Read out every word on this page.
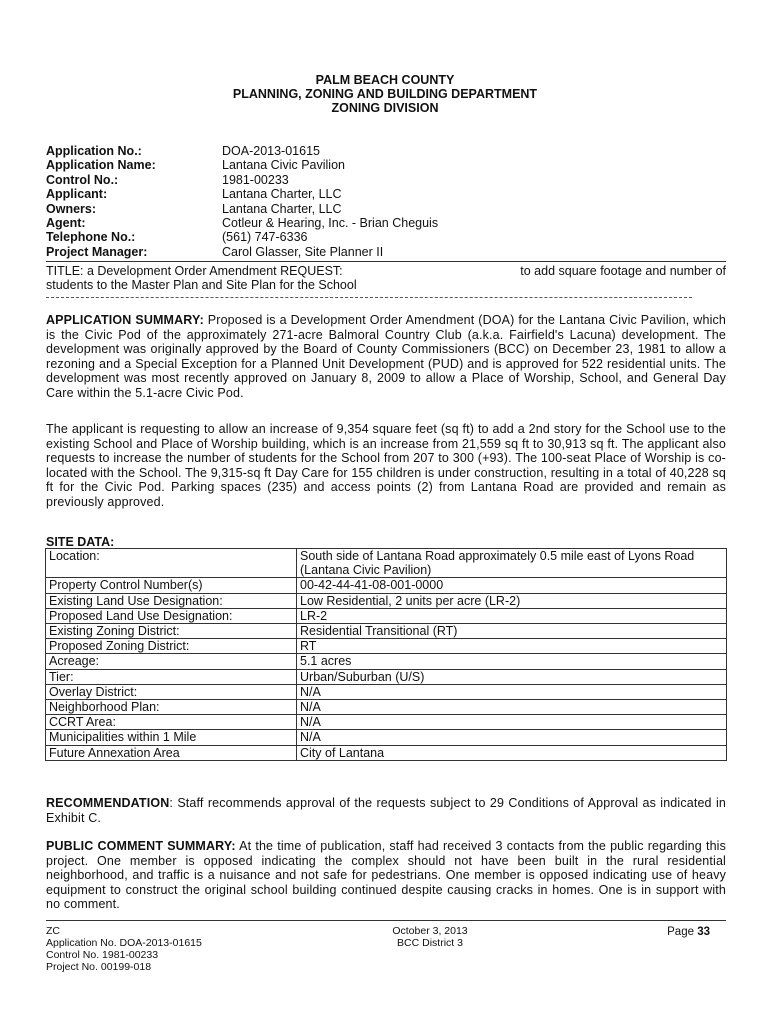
PALM BEACH COUNTY
PLANNING, ZONING AND BUILDING DEPARTMENT
ZONING DIVISION
Application No.:	DOA-2013-01615
Application Name:	Lantana Civic Pavilion
Control No.:	1981-00233
Applicant:	Lantana Charter, LLC
Owners:	Lantana Charter, LLC
Agent:	Cotleur & Hearing, Inc. - Brian Cheguis
Telephone No.:	(561) 747-6336
Project Manager:	Carol Glasser, Site Planner II
TITLE: a Development Order Amendment REQUEST:	to add square footage and number of
students to the Master Plan and Site Plan for the School
APPLICATION SUMMARY: Proposed is a Development Order Amendment (DOA) for the Lantana Civic Pavilion, which is the Civic Pod of the approximately 271-acre Balmoral Country Club (a.k.a. Fairfield's Lacuna) development. The development was originally approved by the Board of County Commissioners (BCC) on December 23, 1981 to allow a rezoning and a Special Exception for a Planned Unit Development (PUD) and is approved for 522 residential units. The development was most recently approved on January 8, 2009 to allow a Place of Worship, School, and General Day Care within the 5.1-acre Civic Pod.
The applicant is requesting to allow an increase of 9,354 square feet (sq ft) to add a 2nd story for the School use to the existing School and Place of Worship building, which is an increase from 21,559 sq ft to 30,913 sq ft. The applicant also requests to increase the number of students for the School from 207 to 300 (+93). The 100-seat Place of Worship is co-located with the School. The 9,315-sq ft Day Care for 155 children is under construction, resulting in a total of 40,228 sq ft for the Civic Pod. Parking spaces (235) and access points (2) from Lantana Road are provided and remain as previously approved.
SITE DATA:
Location:	South side of Lantana Road approximately 0.5 mile east of Lyons Road (Lantana Civic Pavilion)
Property Control Number(s)	00-42-44-41-08-001-0000
Existing Land Use Designation:	Low Residential, 2 units per acre (LR-2)
Proposed Land Use Designation:	LR-2
Existing Zoning District:	Residential Transitional (RT)
Proposed Zoning District:	RT
Acreage:	5.1 acres
Tier:	Urban/Suburban (U/S)
Overlay District:	N/A
Neighborhood Plan:	N/A
CCRT Area:	N/A
Municipalities within 1 Mile	N/A
Future Annexation Area	City of Lantana
RECOMMENDATION: Staff recommends approval of the requests subject to 29 Conditions of Approval as indicated in Exhibit C.
PUBLIC COMMENT SUMMARY: At the time of publication, staff had received 3 contacts from the public regarding this project. One member is opposed indicating the complex should not have been built in the rural residential neighborhood, and traffic is a nuisance and not safe for pedestrians. One member is opposed indicating use of heavy equipment to construct the original school building continued despite causing cracks in homes. One is in support with no comment.
ZC
Application No. DOA-2013-01615
Control No. 1981-00233
Project No. 00199-018
October 3, 2013
BCC District 3
Page 33
